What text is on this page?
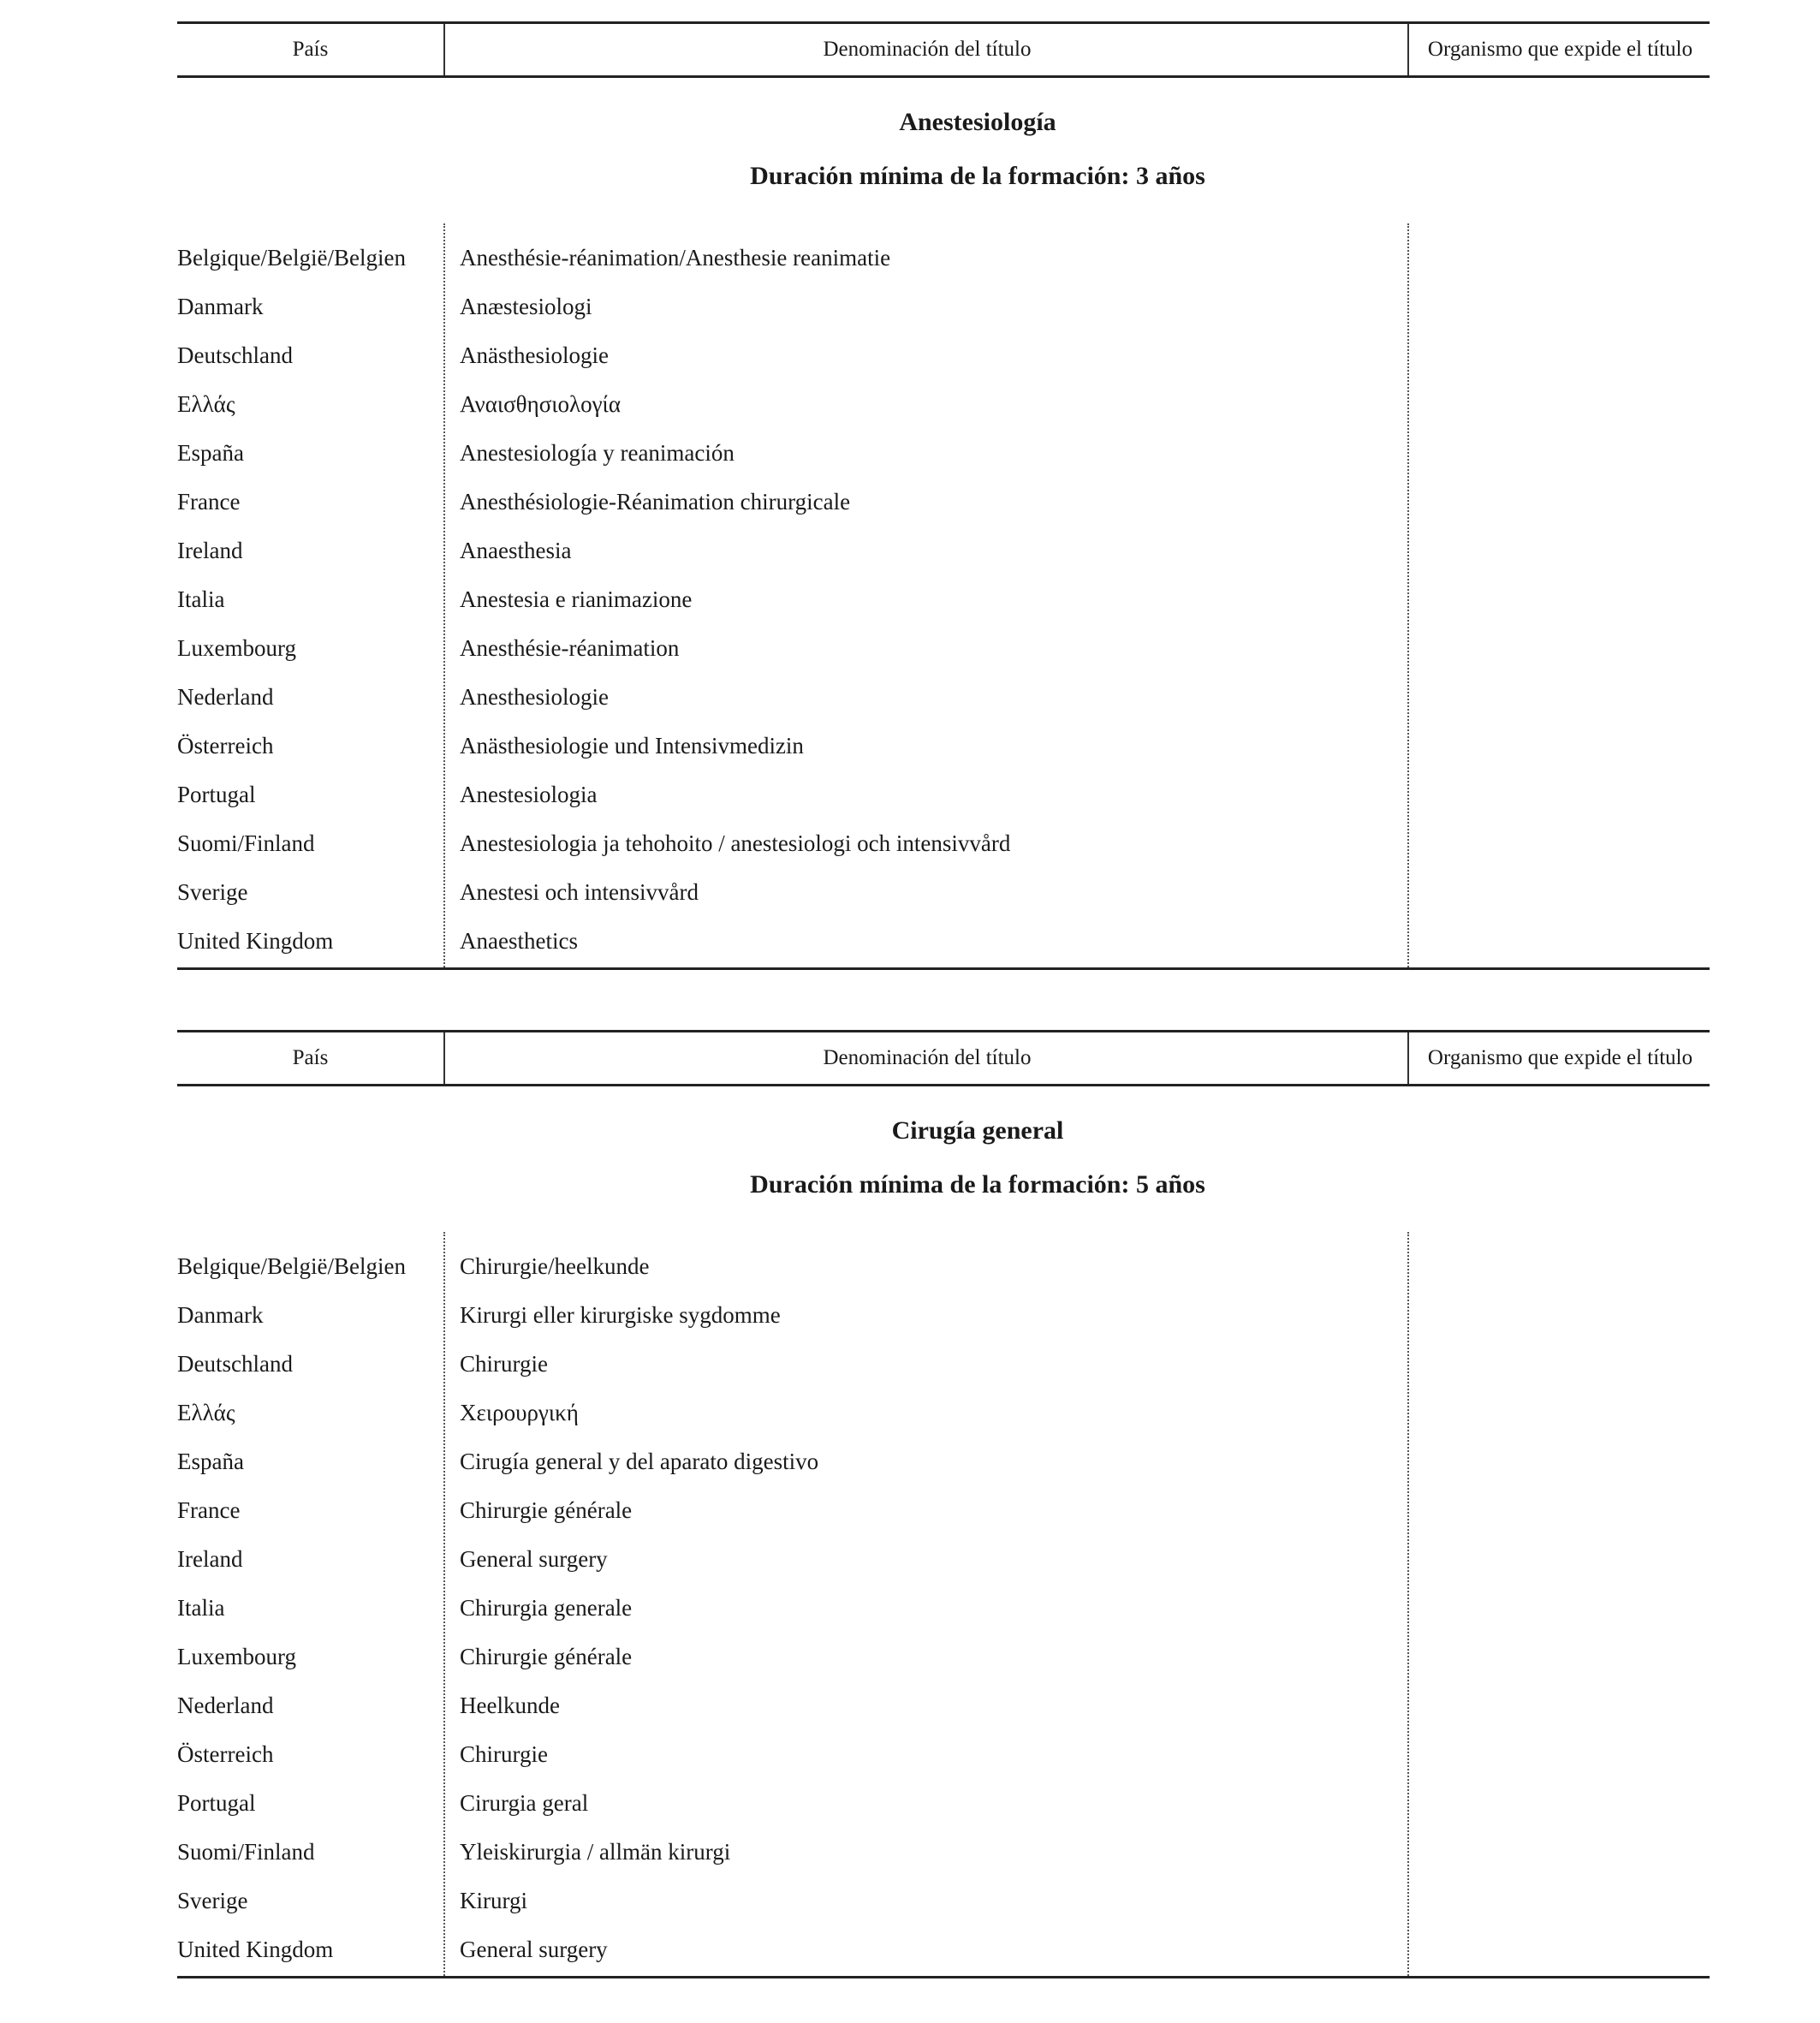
País	Denominación del título	Organismo que expide el título
Anestesiología
Duración mínima de la formación: 3 años
Belgique/België/Belgien Anesthésie-réanimation/Anesthesie reanimatie
Danmark	Anæstesiologi
Deutschland	Anästhesiologie
Ελλάς	Αναισθησιολογία
España	Anestesiología y reanimación
France	Anesthésiologie-Réanimation chirurgicale
Ireland	Anaesthesia
Italia	Anestesia e rianimazione
Luxembourg	Anesthésie-réanimation
Nederland	Anesthesiologie
Österreich	Anästhesiologie und Intensivmedizin
Portugal	Anestesiologia
Suomi/Finland	Anestesiologia ja tehohoito / anestesiologi och intensivvård
Sverige	Anestesi och intensivvård
United Kingdom	Anaesthetics
País	Denominación del título	Organismo que expide el título
Cirugía general
Duración mínima de la formación: 5 años
Belgique/België/Belgien Chirurgie/heelkunde
Danmark	Kirurgi eller kirurgiske sygdomme
Deutschland	Chirurgie
Ελλάς	Χειρουργική
España	Cirugía general y del aparato digestivo
France	Chirurgie générale
Ireland	General surgery
Italia	Chirurgia generale
Luxembourg	Chirurgie générale
Nederland	Heelkunde
Österreich	Chirurgie
Portugal	Cirurgia geral
Suomi/Finland	Yleiskirurgia / allmän kirurgi
Sverige	Kirurgi
United Kingdom	General surgery
